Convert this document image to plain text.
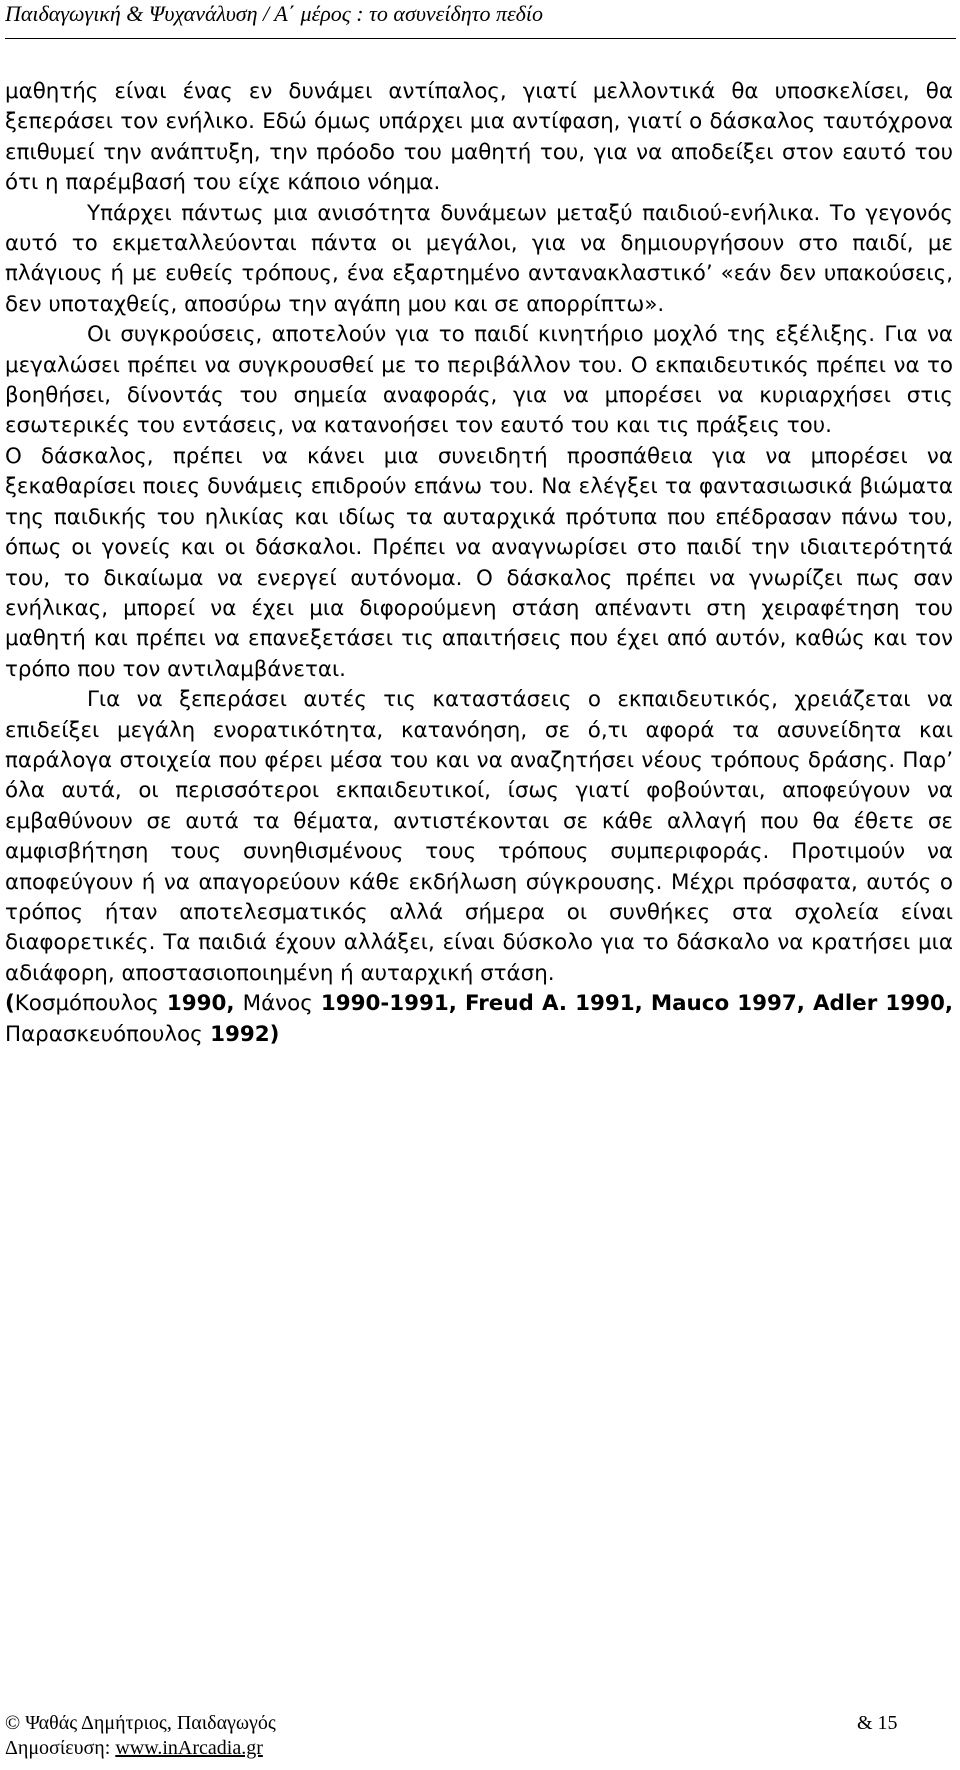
Παιδαγωγική & Ψυχανάλυση / Α΄ μέρος : το ασυνείδητο πεδίο

μαθητής είναι ένας εν δυνάμει αντίπαλος, γιατί μελλοντικά θα υποσκελίσει, θα ξεπεράσει τον ενήλικο. Εδώ όμως υπάρχει μια αντίφαση, γιατί ο δάσκαλος ταυτόχρονα επιθυμεί την ανάπτυξη, την πρόοδο του μαθητή του, για να αποδείξει στον εαυτό του ότι η παρέμβασή του είχε κάποιο νόημα.

Υπάρχει πάντως μια ανισότητα δυνάμεων μεταξύ παιδιού-ενήλικα. Το γεγονός αυτό το εκμεταλλεύονται πάντα οι μεγάλοι, για να δημιουργήσουν στο παιδί, με πλάγιους ή με ευθείς τρόπους, ένα εξαρτημένο αντανακλαστικό’ «εάν δεν υπακούσεις, δεν υποταχθείς, αποσύρω την αγάπη μου και σε απορρίπτω».

Οι συγκρούσεις, αποτελούν για το παιδί κινητήριο μοχλό της εξέλιξης. Για να μεγαλώσει πρέπει να συγκρουσθεί με το περιβάλλον του. Ο εκπαιδευτικός πρέπει να το βοηθήσει, δίνοντάς του σημεία αναφοράς, για να μπορέσει να κυριαρχήσει στις εσωτερικές του εντάσεις, να κατανοήσει τον εαυτό του και τις πράξεις του.

Ο δάσκαλος, πρέπει να κάνει μια συνειδητή προσπάθεια για να μπορέσει να ξεκαθαρίσει ποιες δυνάμεις επιδρούν επάνω του. Να ελέγξει τα φαντασιωσικά βιώματα της παιδικής του ηλικίας και ιδίως τα αυταρχικά πρότυπα που επέδρασαν πάνω του, όπως οι γονείς και οι δάσκαλοι. Πρέπει να αναγνωρίσει στο παιδί την ιδιαιτερότητά του, το δικαίωμα να ενεργεί αυτόνομα. Ο δάσκαλος πρέπει να γνωρίζει πως σαν ενήλικας, μπορεί να έχει μια διφορούμενη στάση απέναντι στη χειραφέτηση του μαθητή και πρέπει να επανεξετάσει τις απαιτήσεις που έχει από αυτόν, καθώς και τον τρόπο που τον αντιλαμβάνεται.

Για να ξεπεράσει αυτές τις καταστάσεις ο εκπαιδευτικός, χρειάζεται να επιδείξει μεγάλη ενορατικότητα, κατανόηση, σε ό,τι αφορά τα ασυνείδητα και παράλογα στοιχεία που φέρει μέσα του και να αναζητήσει νέους τρόπους δράσης. Παρ’ όλα αυτά, οι περισσότεροι εκπαιδευτικοί, ίσως γιατί φοβούνται, αποφεύγουν να εμβαθύνουν σε αυτά τα θέματα, αντιστέκονται σε κάθε αλλαγή που θα έθετε σε αμφισβήτηση τους συνηθισμένους τους τρόπους συμπεριφοράς. Προτιμούν να αποφεύγουν ή να απαγορεύουν κάθε εκδήλωση σύγκρουσης. Μέχρι πρόσφατα, αυτός ο τρόπος ήταν αποτελεσματικός αλλά σήμερα οι συνθήκες στα σχολεία είναι διαφορετικές. Τα παιδιά έχουν αλλάξει, είναι δύσκολο για το δάσκαλο να κρατήσει μια αδιάφορη, αποστασιοποιημένη ή αυταρχική στάση.

(Κοσμόπουλος 1990, Μάνος 1990-1991, Freud A. 1991, Mauco 1997, Adler 1990, Παρασκευόπουλος 1992)

© Ψαθάς Δημήτριος, Παιδαγωγός	& 15
Δημοσίευση: www.inArcadia.gr
